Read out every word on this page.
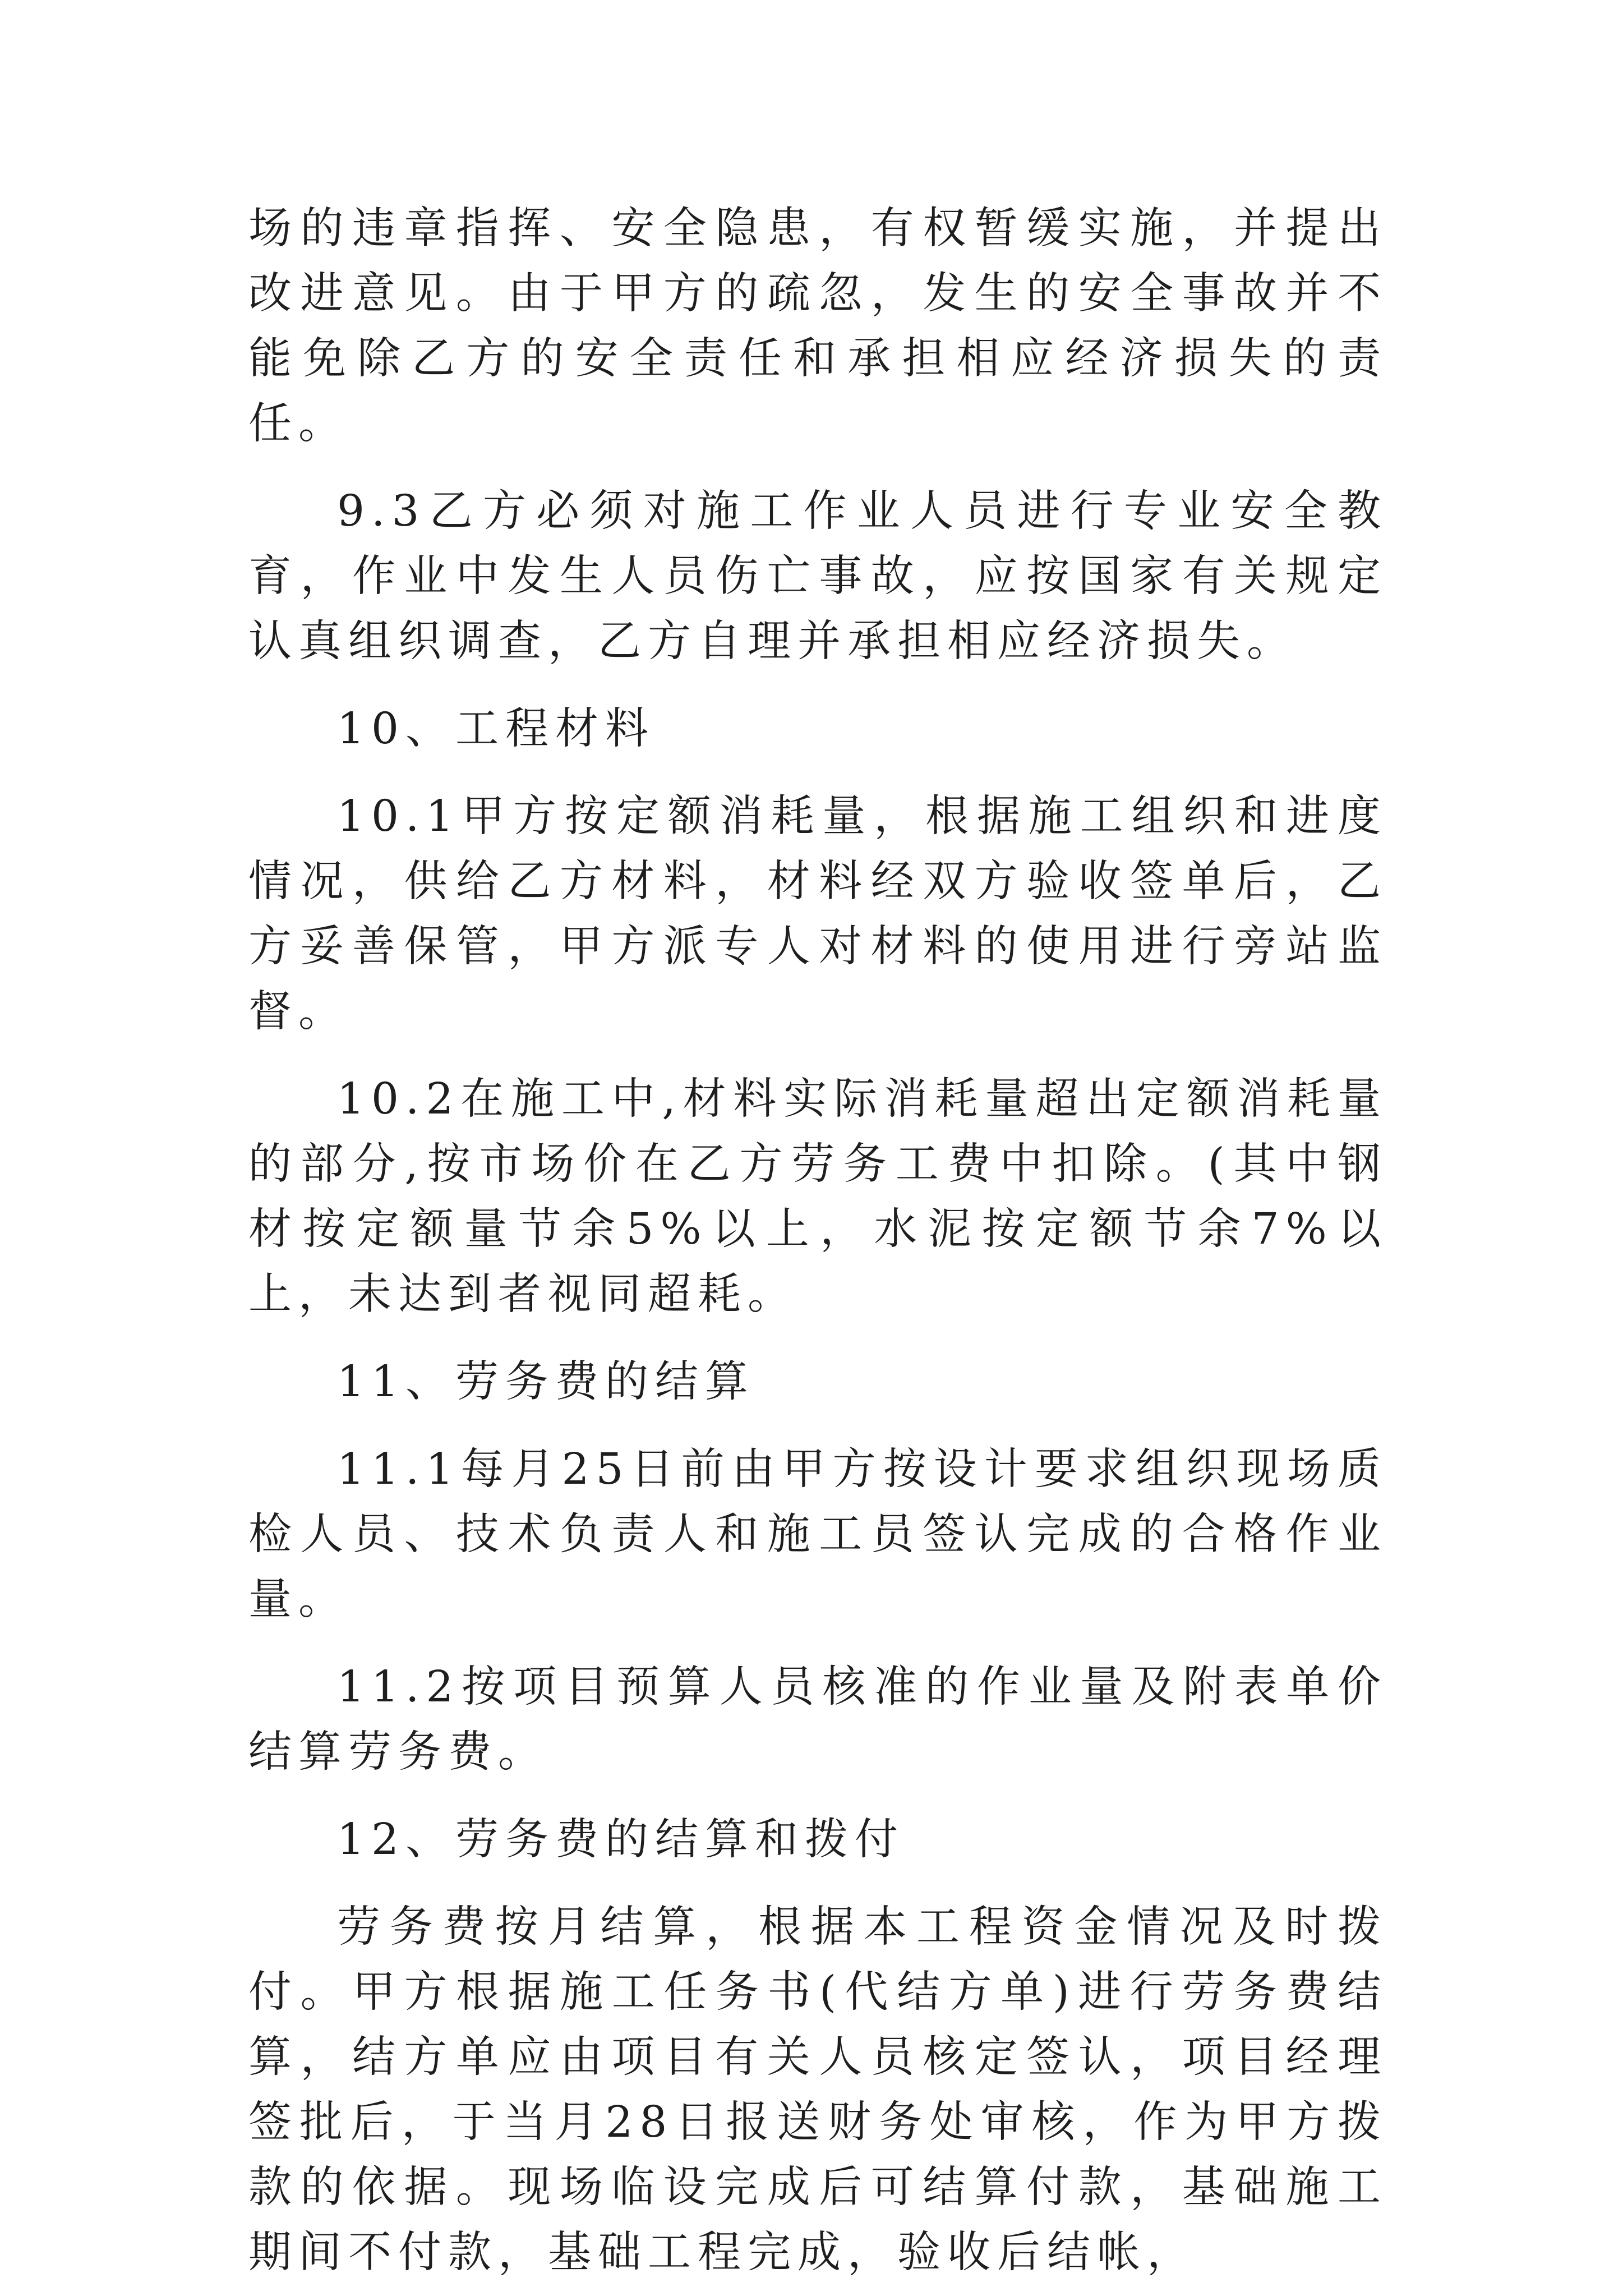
场的违章指挥、安全隐患，有权暂缓实施，并提出改进意见。由于甲方的疏忽，发生的安全事故并不能免除乙方的安全责任和承担相应经济损失的责任。

9.3乙方必须对施工作业人员进行专业安全教育，作业中发生人员伤亡事故，应按国家有关规定认真组织调查，乙方自理并承担相应经济损失。

10、工程材料

10.1甲方按定额消耗量，根据施工组织和进度情况，供给乙方材料，材料经双方验收签单后，乙方妥善保管，甲方派专人对材料的使用进行旁站监督。

10.2在施工中,材料实际消耗量超出定额消耗量的部分,按市场价在乙方劳务工费中扣除。(其中钢材按定额量节余5%以上，水泥按定额节余7%以上，未达到者视同超耗。

11、劳务费的结算

11.1每月25日前由甲方按设计要求组织现场质检人员、技术负责人和施工员签认完成的合格作业量。

11.2按项目预算人员核准的作业量及附表单价结算劳务费。

12、劳务费的结算和拨付

劳务费按月结算，根据本工程资金情况及时拨付。甲方根据施工任务书(代结方单)进行劳务费结算，结方单应由项目有关人员核定签认，项目经理签批后，于当月28日报送财务处审核，作为甲方拨款的依据。现场临设完成后可结算付款，基础施工期间不付款，基础工程完成，验收后结帐，
